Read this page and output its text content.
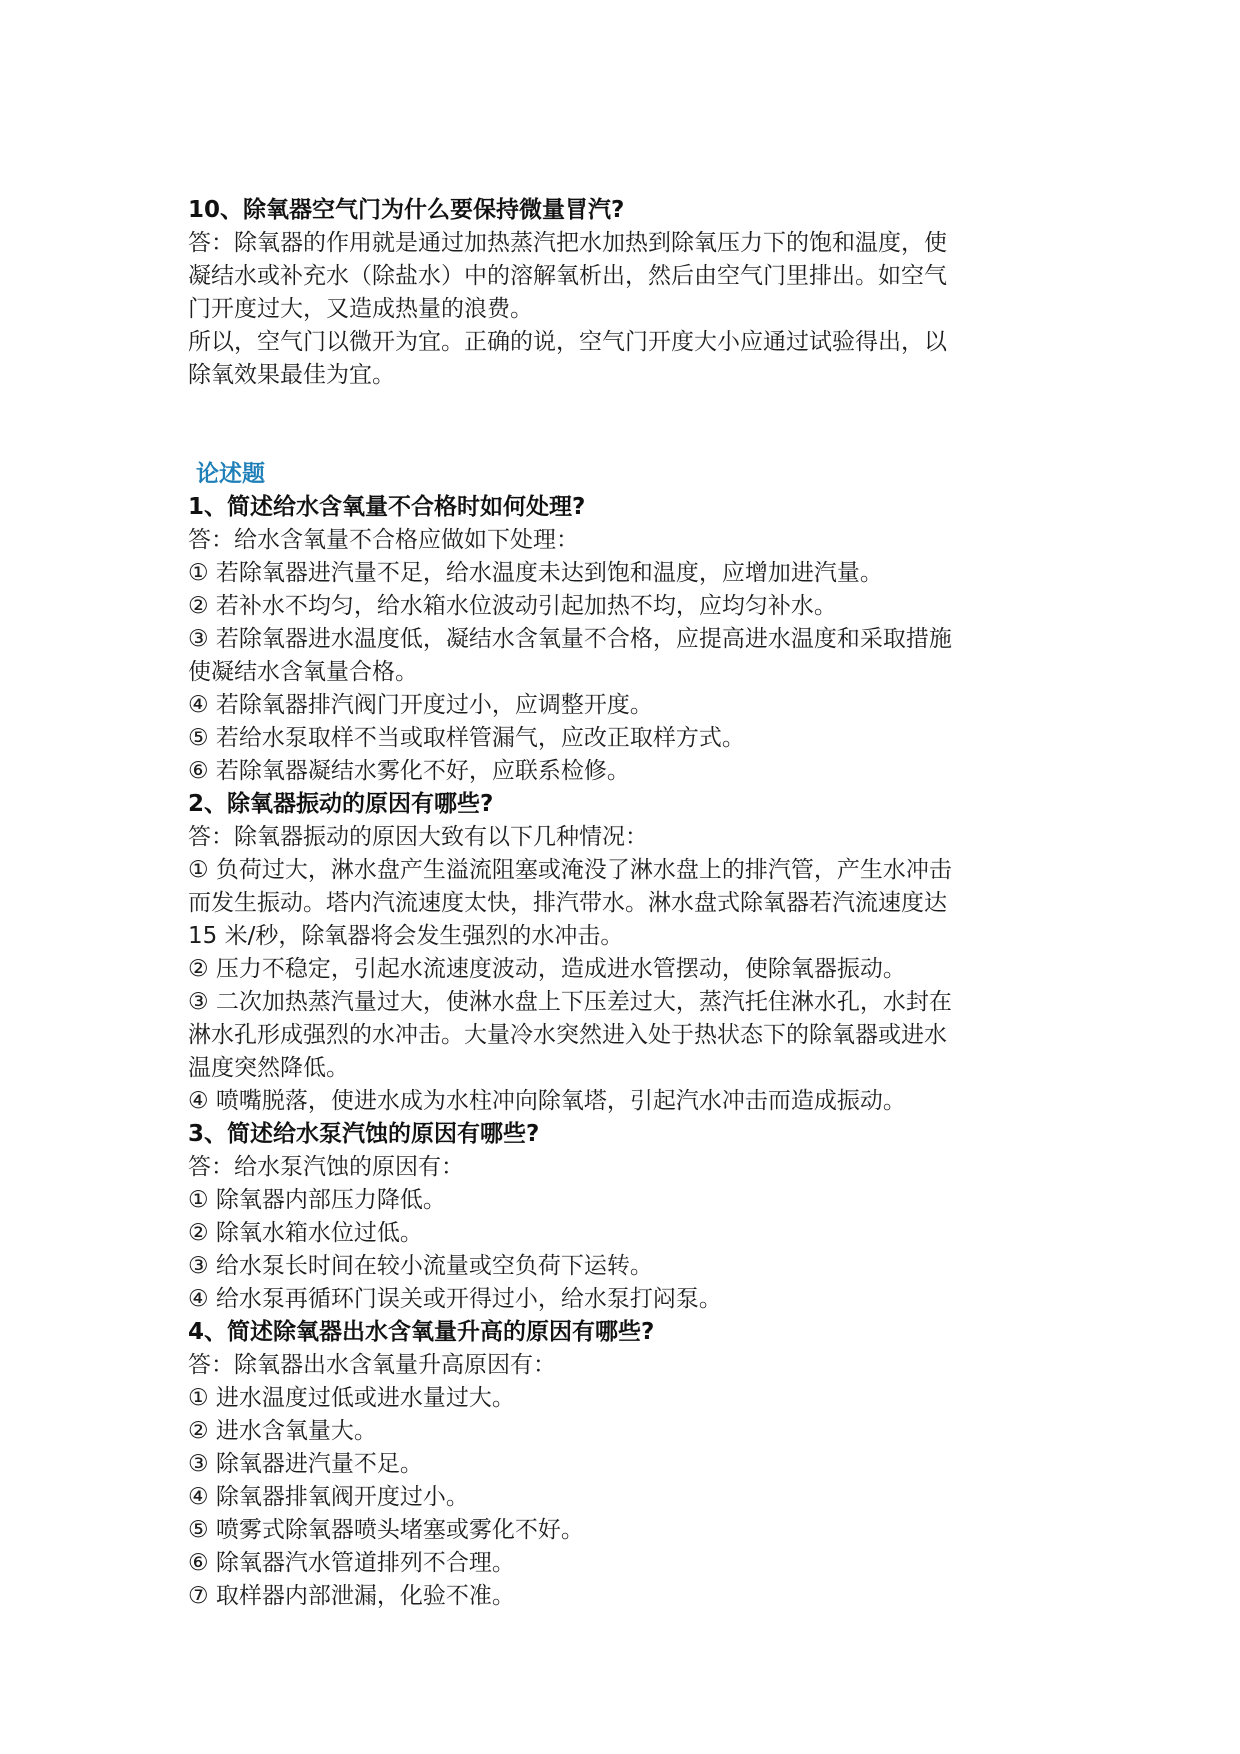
10、除氧器空气门为什么要保持微量冒汽?
答：除氧器的作用就是通过加热蒸汽把水加热到除氧压力下的饱和温度，使
凝结水或补充水（除盐水）中的溶解氧析出，然后由空气门里排出。如空气
门开度过大，又造成热量的浪费。
所以，空气门以微开为宜。正确的说，空气门开度大小应通过试验得出，以
除氧效果最佳为宜。
论述题
1、简述给水含氧量不合格时如何处理?
答：给水含氧量不合格应做如下处理：
① 若除氧器进汽量不足，给水温度未达到饱和温度，应增加进汽量。
② 若补水不均匀，给水箱水位波动引起加热不均，应均匀补水。
③ 若除氧器进水温度低，凝结水含氧量不合格，应提高进水温度和采取措施
使凝结水含氧量合格。
④ 若除氧器排汽阀门开度过小，应调整开度。
⑤ 若给水泵取样不当或取样管漏气，应改正取样方式。
⑥ 若除氧器凝结水雾化不好，应联系检修。
2、除氧器振动的原因有哪些?
答：除氧器振动的原因大致有以下几种情况：
① 负荷过大，淋水盘产生溢流阻塞或淹没了淋水盘上的排汽管，产生水冲击
而发生振动。塔内汽流速度太快，排汽带水。淋水盘式除氧器若汽流速度达
15 米/秒，除氧器将会发生强烈的水冲击。
② 压力不稳定，引起水流速度波动，造成进水管摆动，使除氧器振动。
③ 二次加热蒸汽量过大，使淋水盘上下压差过大，蒸汽托住淋水孔，水封在
淋水孔形成强烈的水冲击。大量冷水突然进入处于热状态下的除氧器或进水
温度突然降低。
④ 喷嘴脱落，使进水成为水柱冲向除氧塔，引起汽水冲击而造成振动。
3、简述给水泵汽蚀的原因有哪些?
答：给水泵汽蚀的原因有：
① 除氧器内部压力降低。
② 除氧水箱水位过低。
③ 给水泵长时间在较小流量或空负荷下运转。
④ 给水泵再循环门误关或开得过小，给水泵打闷泵。
4、简述除氧器出水含氧量升高的原因有哪些?
答：除氧器出水含氧量升高原因有：
① 进水温度过低或进水量过大。
② 进水含氧量大。
③ 除氧器进汽量不足。
④ 除氧器排氧阀开度过小。
⑤ 喷雾式除氧器喷头堵塞或雾化不好。
⑥ 除氧器汽水管道排列不合理。
⑦ 取样器内部泄漏，化验不准。
